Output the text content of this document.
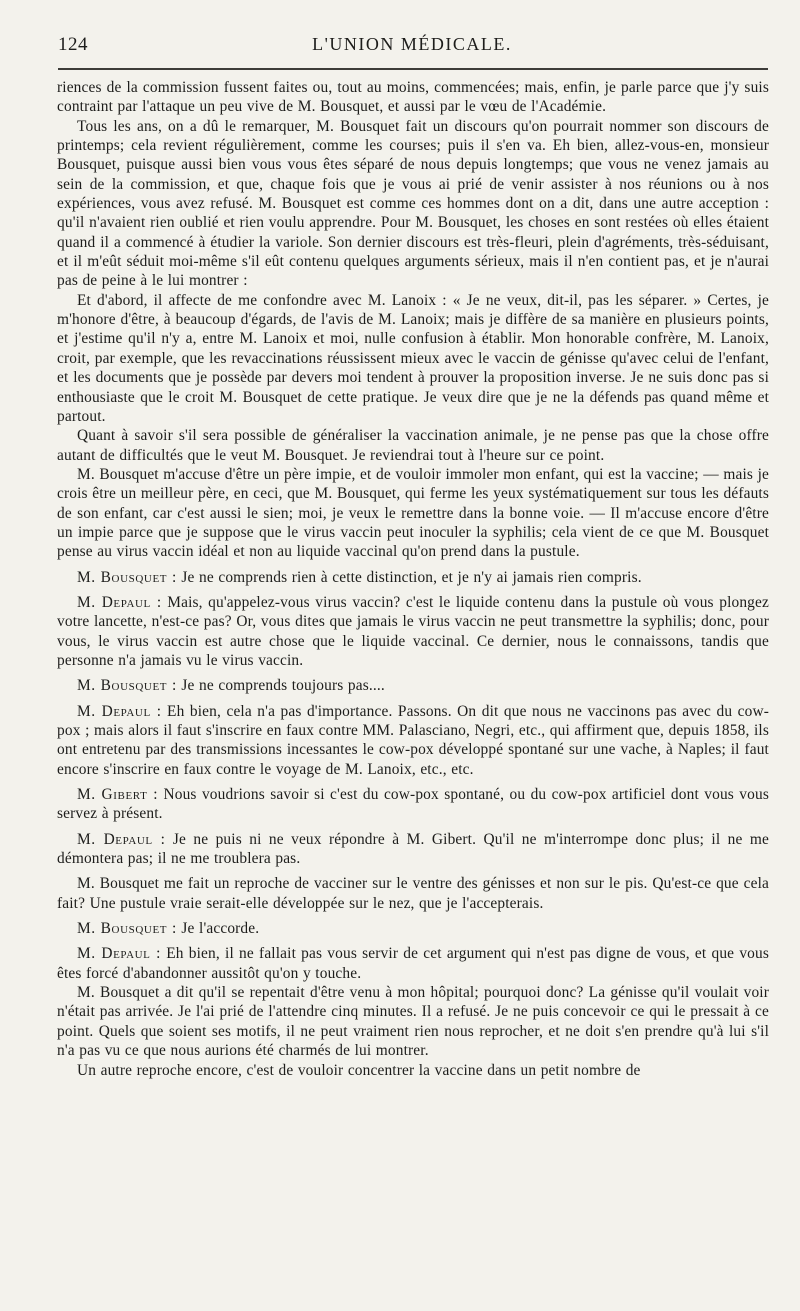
124	L'UNION MÉDICALE.

riences de la commission fussent faites ou, tout au moins, commencées; mais, enfin, je parle parce que j'y suis contraint par l'attaque un peu vive de M. Bousquet, et aussi par le vœu de l'Académie.

Tous les ans, on a dû le remarquer, M. Bousquet fait un discours qu'on pourrait nommer son discours de printemps; cela revient régulièrement, comme les courses; puis il s'en va. Eh bien, allez-vous-en, monsieur Bousquet, puisque aussi bien vous vous êtes séparé de nous depuis longtemps; que vous ne venez jamais au sein de la commission, et que, chaque fois que je vous ai prié de venir assister à nos réunions ou à nos expériences, vous avez refusé. M. Bousquet est comme ces hommes dont on a dit, dans une autre acception : qu'il n'avaient rien oublié et rien voulu apprendre. Pour M. Bousquet, les choses en sont restées où elles étaient quand il a commencé à étudier la variole. Son dernier discours est très-fleuri, plein d'agréments, très-séduisant, et il m'eût séduit moi-même s'il eût contenu quelques arguments sérieux, mais il n'en contient pas, et je n'aurai pas de peine à le lui montrer :

Et d'abord, il affecte de me confondre avec M. Lanoix : « Je ne veux, dit-il, pas les séparer. » Certes, je m'honore d'être, à beaucoup d'égards, de l'avis de M. Lanoix; mais je diffère de sa manière en plusieurs points, et j'estime qu'il n'y a, entre M. Lanoix et moi, nulle confusion à établir. Mon honorable confrère, M. Lanoix, croit, par exemple, que les revaccinations réussissent mieux avec le vaccin de génisse qu'avec celui de l'enfant, et les documents que je possède par devers moi tendent à prouver la proposition inverse. Je ne suis donc pas si enthousiaste que le croit M. Bousquet de cette pratique. Je veux dire que je ne la défends pas quand même et partout.

Quant à savoir s'il sera possible de généraliser la vaccination animale, je ne pense pas que la chose offre autant de difficultés que le veut M. Bousquet. Je reviendrai tout à l'heure sur ce point.

M. Bousquet m'accuse d'être un père impie, et de vouloir immoler mon enfant, qui est la vaccine; — mais je crois être un meilleur père, en ceci, que M. Bousquet, qui ferme les yeux systématiquement sur tous les défauts de son enfant, car c'est aussi le sien; moi, je veux le remettre dans la bonne voie. — Il m'accuse encore d'être un impie parce que je suppose que le virus vaccin peut inoculer la syphilis; cela vient de ce que M. Bousquet pense au virus vaccin idéal et non au liquide vaccinal qu'on prend dans la pustule.

M. Bousquet : Je ne comprends rien à cette distinction, et je n'y ai jamais rien compris.

M. Depaul : Mais, qu'appelez-vous virus vaccin? c'est le liquide contenu dans la pustule où vous plongez votre lancette, n'est-ce pas? Or, vous dites que jamais le virus vaccin ne peut transmettre la syphilis; donc, pour vous, le virus vaccin est autre chose que le liquide vaccinal. Ce dernier, nous le connaissons, tandis que personne n'a jamais vu le virus vaccin.

M. Bousquet : Je ne comprends toujours pas....

M. Depaul : Eh bien, cela n'a pas d'importance. Passons. On dit que nous ne vaccinons pas avec du cow-pox ; mais alors il faut s'inscrire en faux contre MM. Palasciano, Negri, etc., qui affirment que, depuis 1858, ils ont entretenu par des transmissions incessantes le cow-pox développé spontané sur une vache, à Naples; il faut encore s'inscrire en faux contre le voyage de M. Lanoix, etc., etc.

M. Gibert : Nous voudrions savoir si c'est du cow-pox spontané, ou du cow-pox artificiel dont vous vous servez à présent.

M. Depaul : Je ne puis ni ne veux répondre à M. Gibert. Qu'il ne m'interrompe donc plus; il ne me démontera pas; il ne me troublera pas.

M. Bousquet me fait un reproche de vacciner sur le ventre des génisses et non sur le pis. Qu'est-ce que cela fait? Une pustule vraie serait-elle développée sur le nez, que je l'accepterais.

M. Bousquet : Je l'accorde.

M. Depaul : Eh bien, il ne fallait pas vous servir de cet argument qui n'est pas digne de vous, et que vous êtes forcé d'abandonner aussitôt qu'on y touche.

M. Bousquet a dit qu'il se repentait d'être venu à mon hôpital; pourquoi donc? La génisse qu'il voulait voir n'était pas arrivée. Je l'ai prié de l'attendre cinq minutes. Il a refusé. Je ne puis concevoir ce qui le pressait à ce point. Quels que soient ses motifs, il ne peut vraiment rien nous reprocher, et ne doit s'en prendre qu'à lui s'il n'a pas vu ce que nous aurions été charmés de lui montrer.

Un autre reproche encore, c'est de vouloir concentrer la vaccine dans un petit nombre de
